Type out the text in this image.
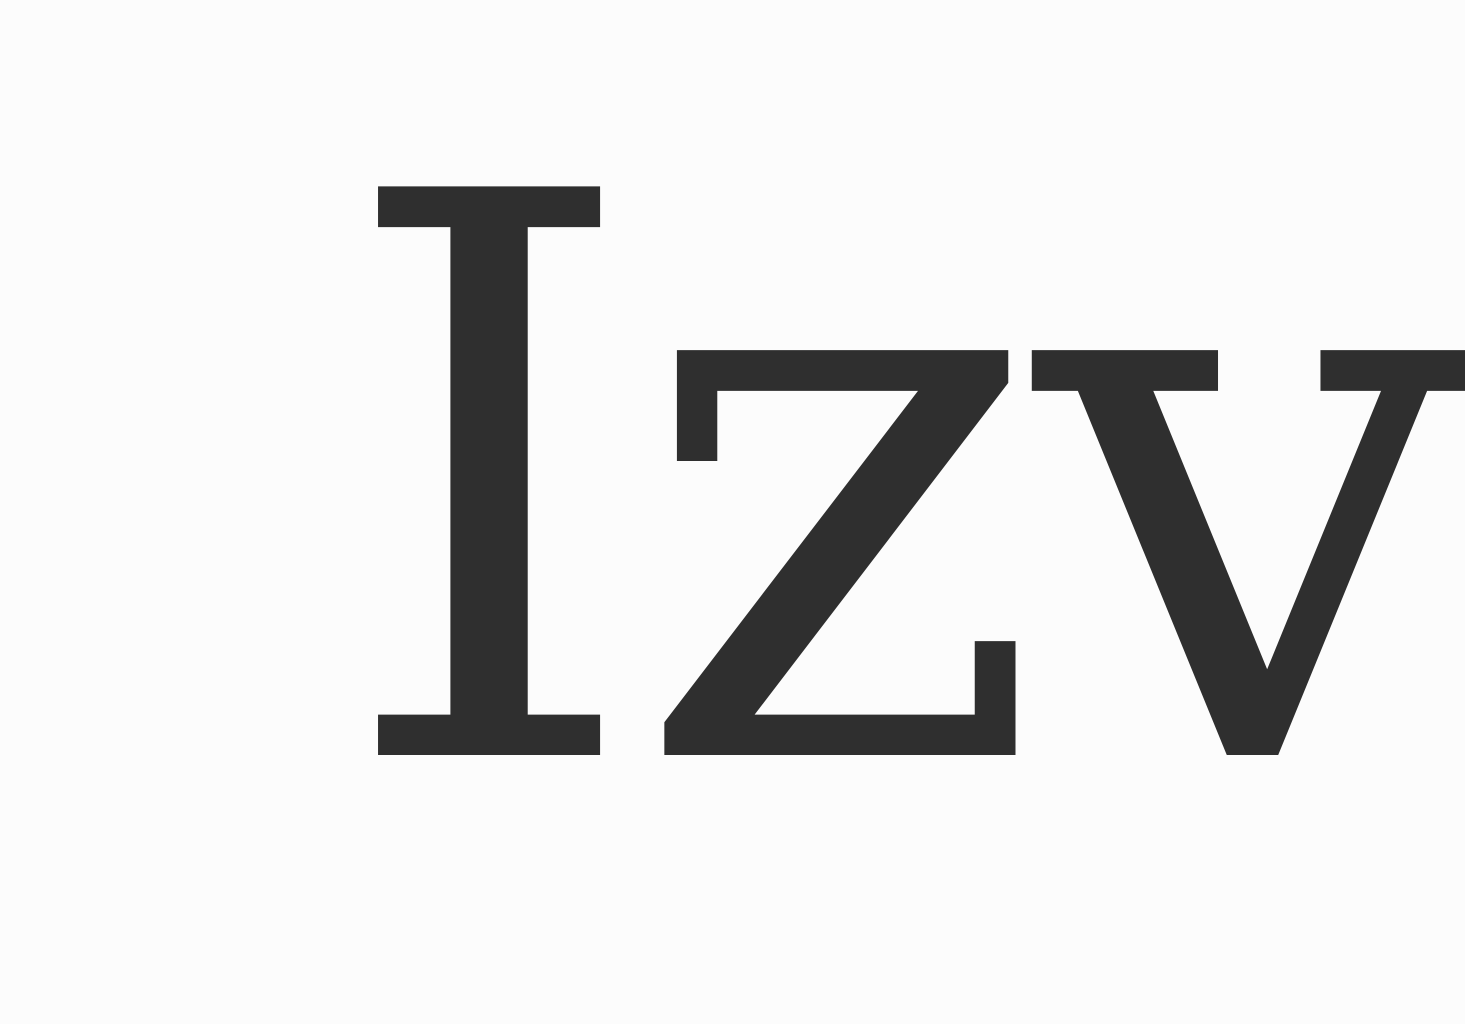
Izv
